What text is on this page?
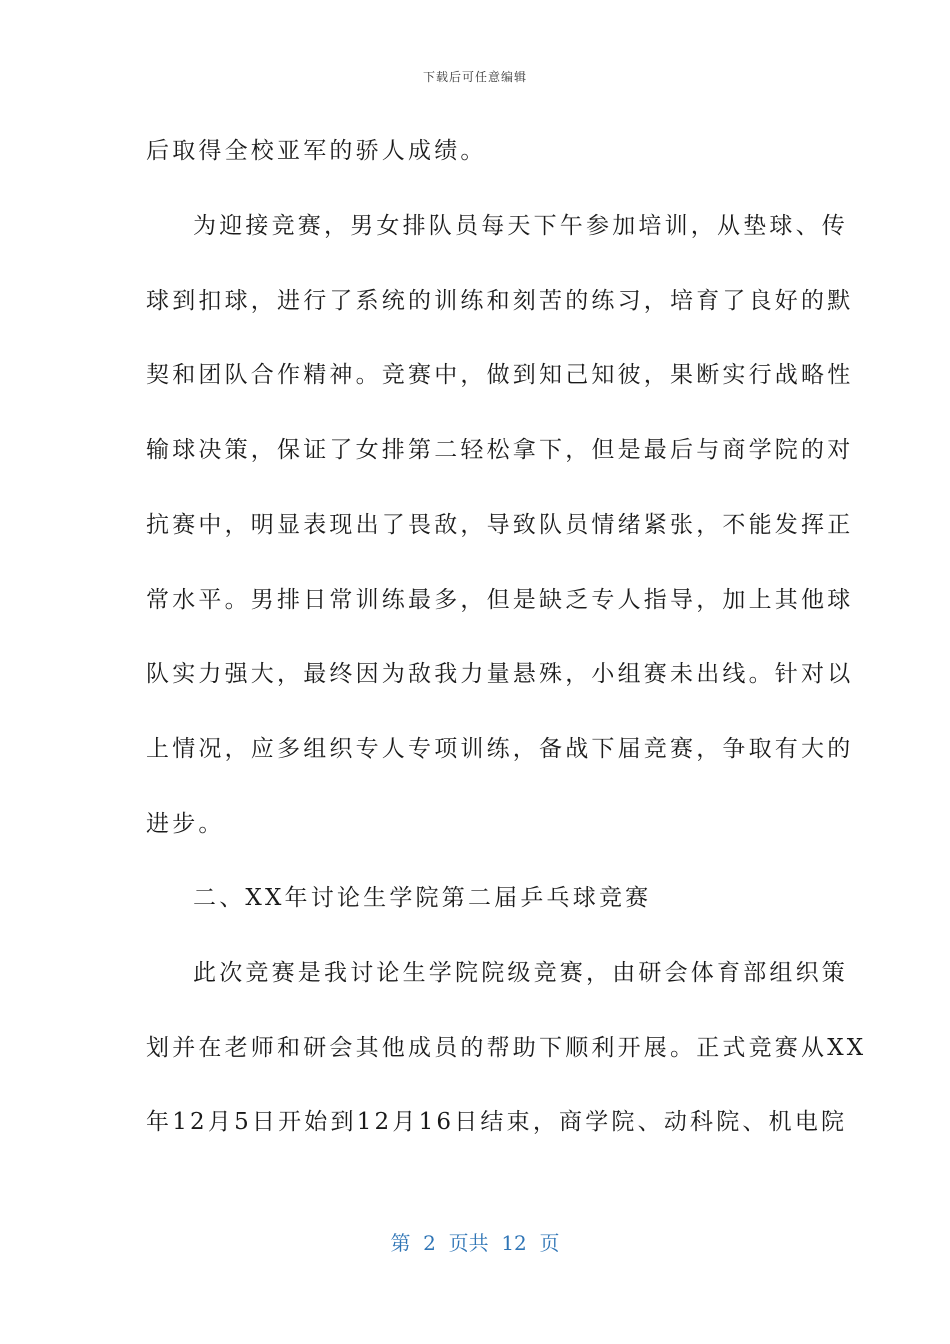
下载后可任意编辑
后取得全校亚军的骄人成绩。
为迎接竞赛，男女排队员每天下午参加培训，从垫球、传
球到扣球，进行了系统的训练和刻苦的练习，培育了良好的默
契和团队合作精神。竞赛中，做到知己知彼，果断实行战略性
输球决策，保证了女排第二轻松拿下，但是最后与商学院的对
抗赛中，明显表现出了畏敌，导致队员情绪紧张，不能发挥正
常水平。男排日常训练最多，但是缺乏专人指导，加上其他球
队实力强大，最终因为敌我力量悬殊，小组赛未出线。针对以
上情况，应多组织专人专项训练，备战下届竞赛，争取有大的
进步。
二、XX年讨论生学院第二届乒乓球竞赛
此次竞赛是我讨论生学院院级竞赛，由研会体育部组织策
划并在老师和研会其他成员的帮助下顺利开展。正式竞赛从XX
年12月5日开始到12月16日结束，商学院、动科院、机电院
第  2  页共  12  页
